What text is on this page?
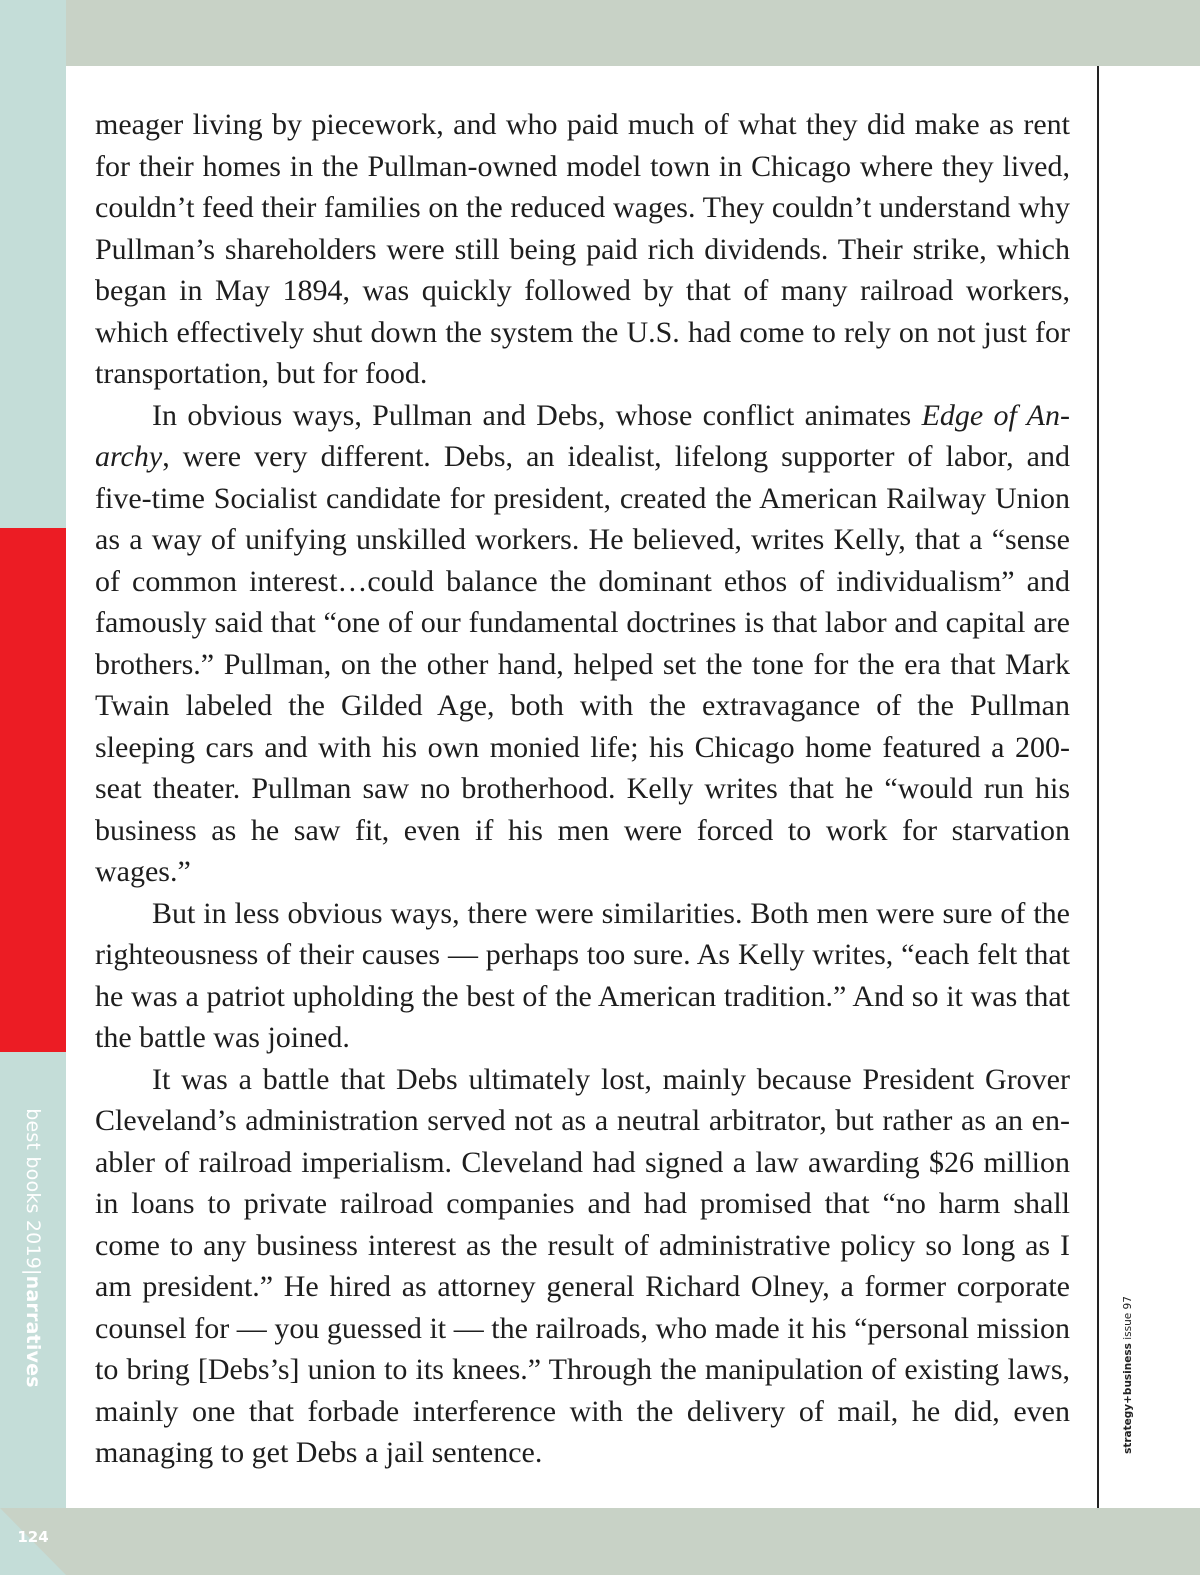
best books 2019|narratives
124
strategy+business issue 97

meager living by piecework, and who paid much of what they did make as rent for their homes in the Pullman-owned model town in Chicago where they lived, couldn’t feed their families on the reduced wages. They couldn’t understand why Pullman’s shareholders were still being paid rich dividends. Their strike, which began in May 1894, was quickly followed by that of many railroad workers, which effectively shut down the system the U.S. had come to rely on not just for transportation, but for food.

In obvious ways, Pullman and Debs, whose conflict animates Edge of Anarchy, were very different. Debs, an idealist, lifelong supporter of labor, and five-time Socialist candidate for president, created the American Railway Union as a way of unifying unskilled workers. He believed, writes Kelly, that a “sense of common interest…could balance the dominant ethos of individualism” and famously said that “one of our fundamental doctrines is that labor and capital are brothers.” Pullman, on the other hand, helped set the tone for the era that Mark Twain labeled the Gilded Age, both with the extravagance of the Pullman sleeping cars and with his own monied life; his Chicago home featured a 200-seat theater. Pullman saw no brotherhood. Kelly writes that he “would run his business as he saw fit, even if his men were forced to work for starvation wages.”

But in less obvious ways, there were similarities. Both men were sure of the righteousness of their causes — perhaps too sure. As Kelly writes, “each felt that he was a patriot upholding the best of the American tradition.” And so it was that the battle was joined.

It was a battle that Debs ultimately lost, mainly because President Grover Cleveland’s administration served not as a neutral arbitrator, but rather as an enabler of railroad imperialism. Cleveland had signed a law awarding $26 million in loans to private railroad companies and had promised that “no harm shall come to any business interest as the result of administrative policy so long as I am president.” He hired as attorney general Richard Olney, a former corporate counsel for — you guessed it — the railroads, who made it his “personal mission to bring [Debs’s] union to its knees.” Through the manipulation of existing laws, mainly one that forbade interference with the delivery of mail, he did, even managing to get Debs a jail sentence.
